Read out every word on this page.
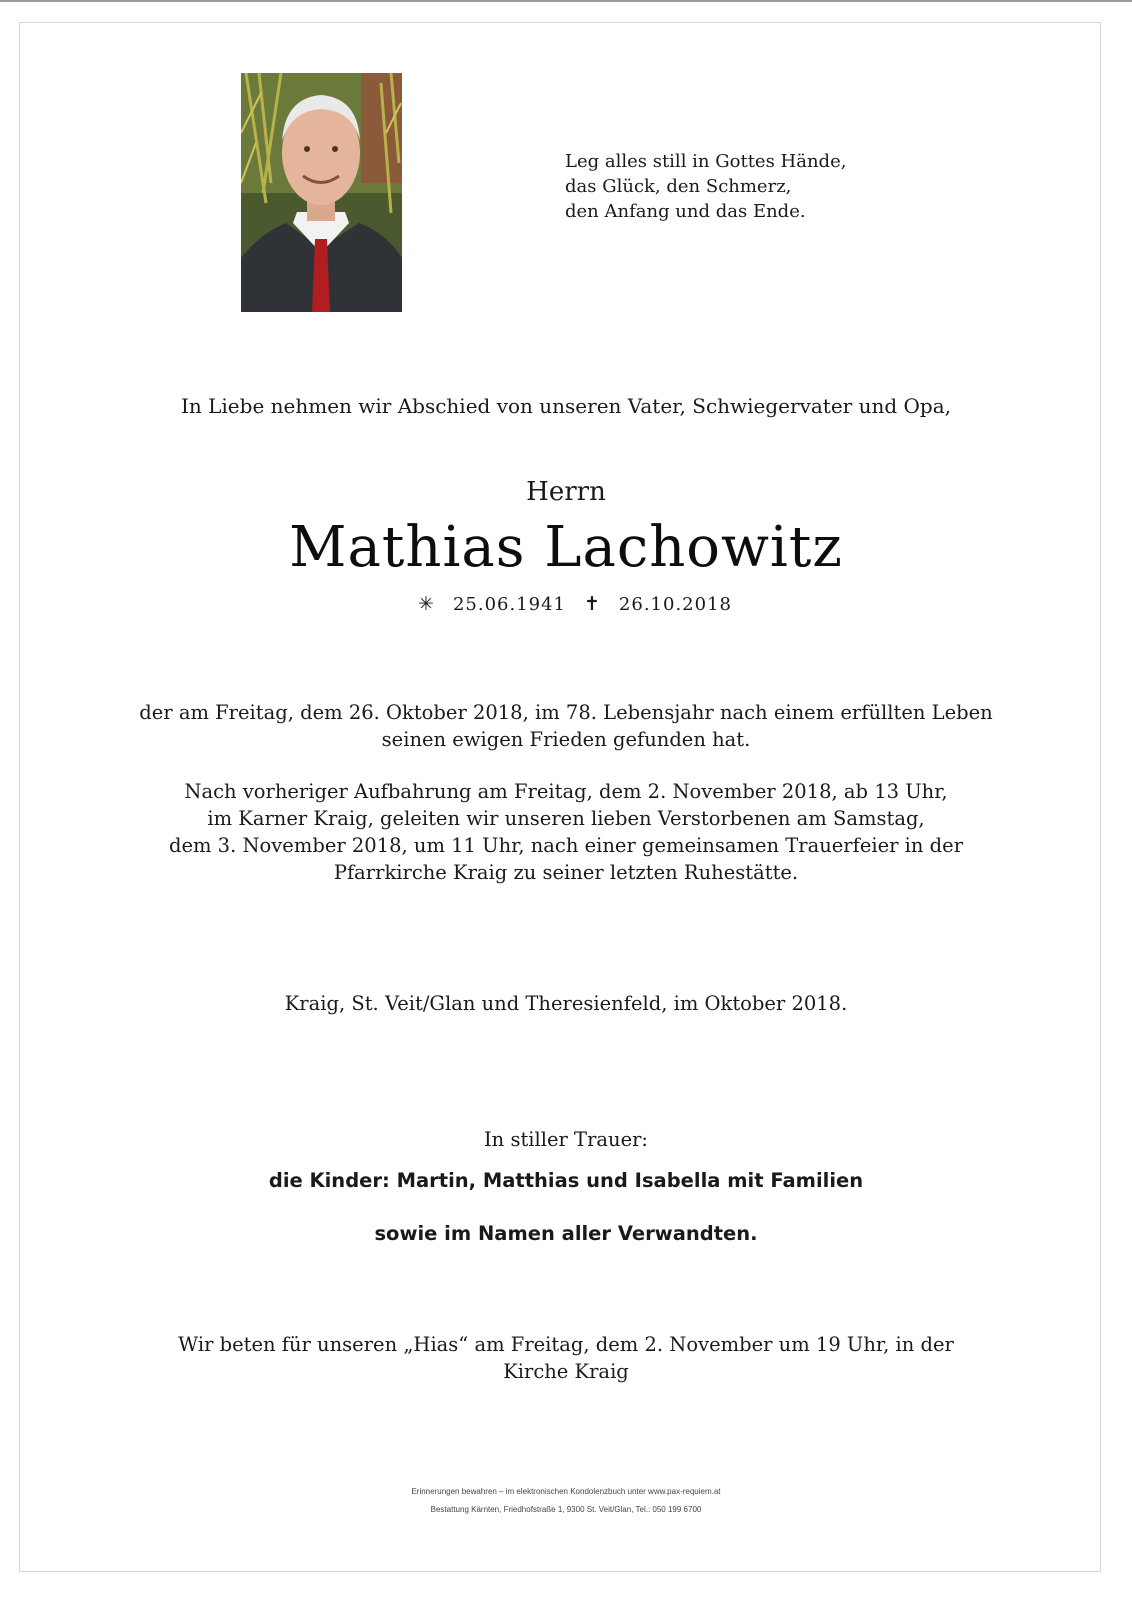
Leg alles still in Gottes Hände,
das Glück, den Schmerz,
den Anfang und das Ende.
In Liebe nehmen wir Abschied von unseren Vater, Schwiegervater und Opa,
Herrn
Mathias Lachowitz
✳ 25.06.1941 ✝ 26.10.2018
der am Freitag, dem 26. Oktober 2018, im 78. Lebensjahr nach einem erfüllten Leben
seinen ewigen Frieden gefunden hat.
Nach vorheriger Aufbahrung am Freitag, dem 2. November 2018, ab 13 Uhr,
im Karner Kraig, geleiten wir unseren lieben Verstorbenen am Samstag,
dem 3. November 2018, um 11 Uhr, nach einer gemeinsamen Trauerfeier in der
Pfarrkirche Kraig zu seiner letzten Ruhestätte.
Kraig, St. Veit/Glan und Theresienfeld, im Oktober 2018.
In stiller Trauer:
die Kinder: Martin, Matthias und Isabella mit Familien
sowie im Namen aller Verwandten.
Wir beten für unseren „Hias“ am Freitag, dem 2. November um 19 Uhr, in der
Kirche Kraig
Erinnerungen bewahren – im elektronischen Kondolenzbuch unter www.pax-requiem.at
Bestattung Kärnten, Friedhofstraße 1, 9300 St. Veit/Glan, Tel.: 050 199 6700
